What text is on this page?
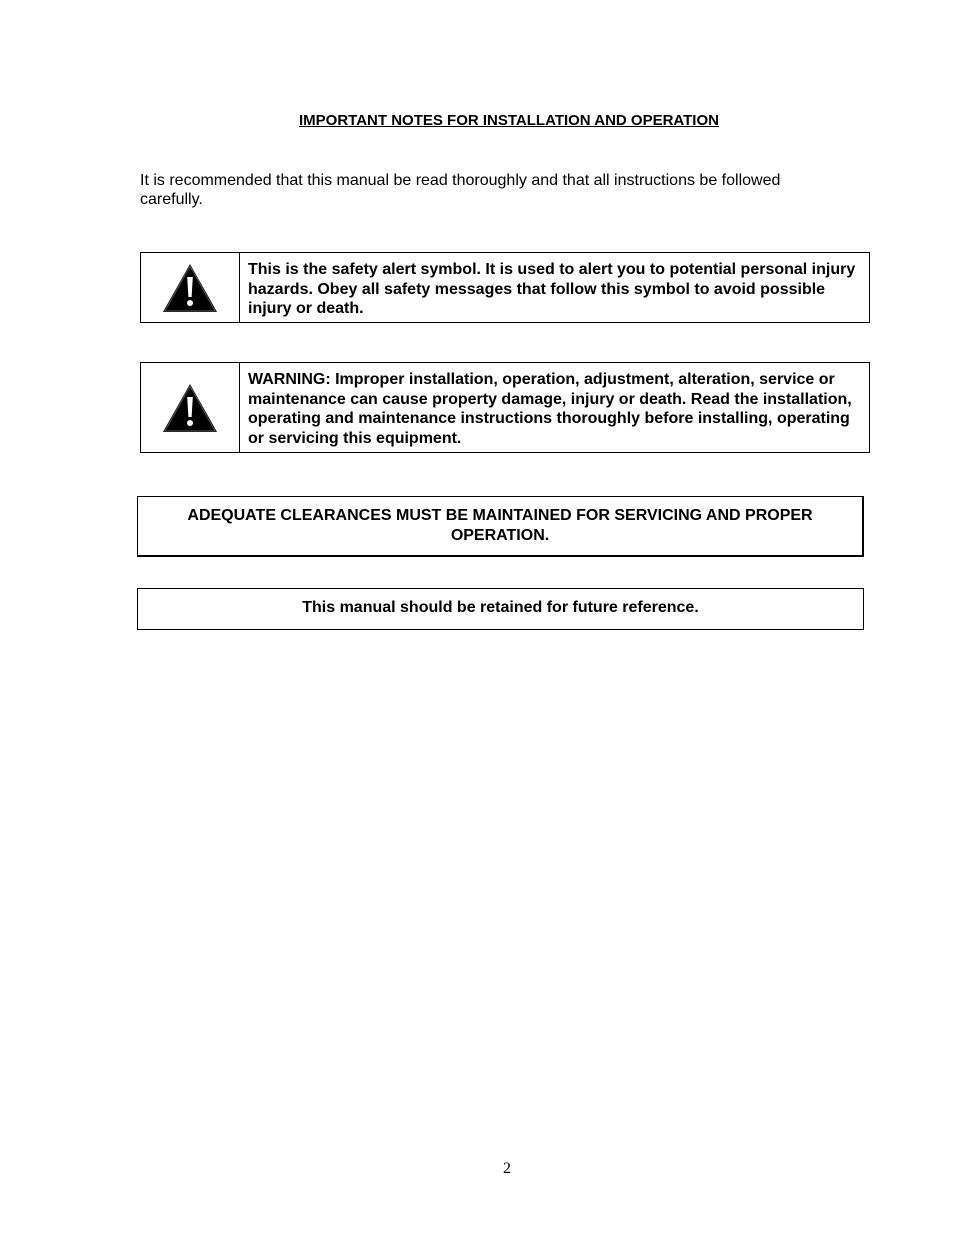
IMPORTANT NOTES FOR INSTALLATION AND OPERATION

It is recommended that this manual be read thoroughly and that all instructions be followed carefully.

This is the safety alert symbol. It is used to alert you to potential personal injury hazards. Obey all safety messages that follow this symbol to avoid possible injury or death.
WARNING: Improper installation, operation, adjustment, alteration, service or maintenance can cause property damage, injury or death. Read the installation, operating and maintenance instructions thoroughly before installing, operating or servicing this equipment.
ADEQUATE CLEARANCES MUST BE MAINTAINED FOR SERVICING AND PROPER OPERATION.
This manual should be retained for future reference.
2
